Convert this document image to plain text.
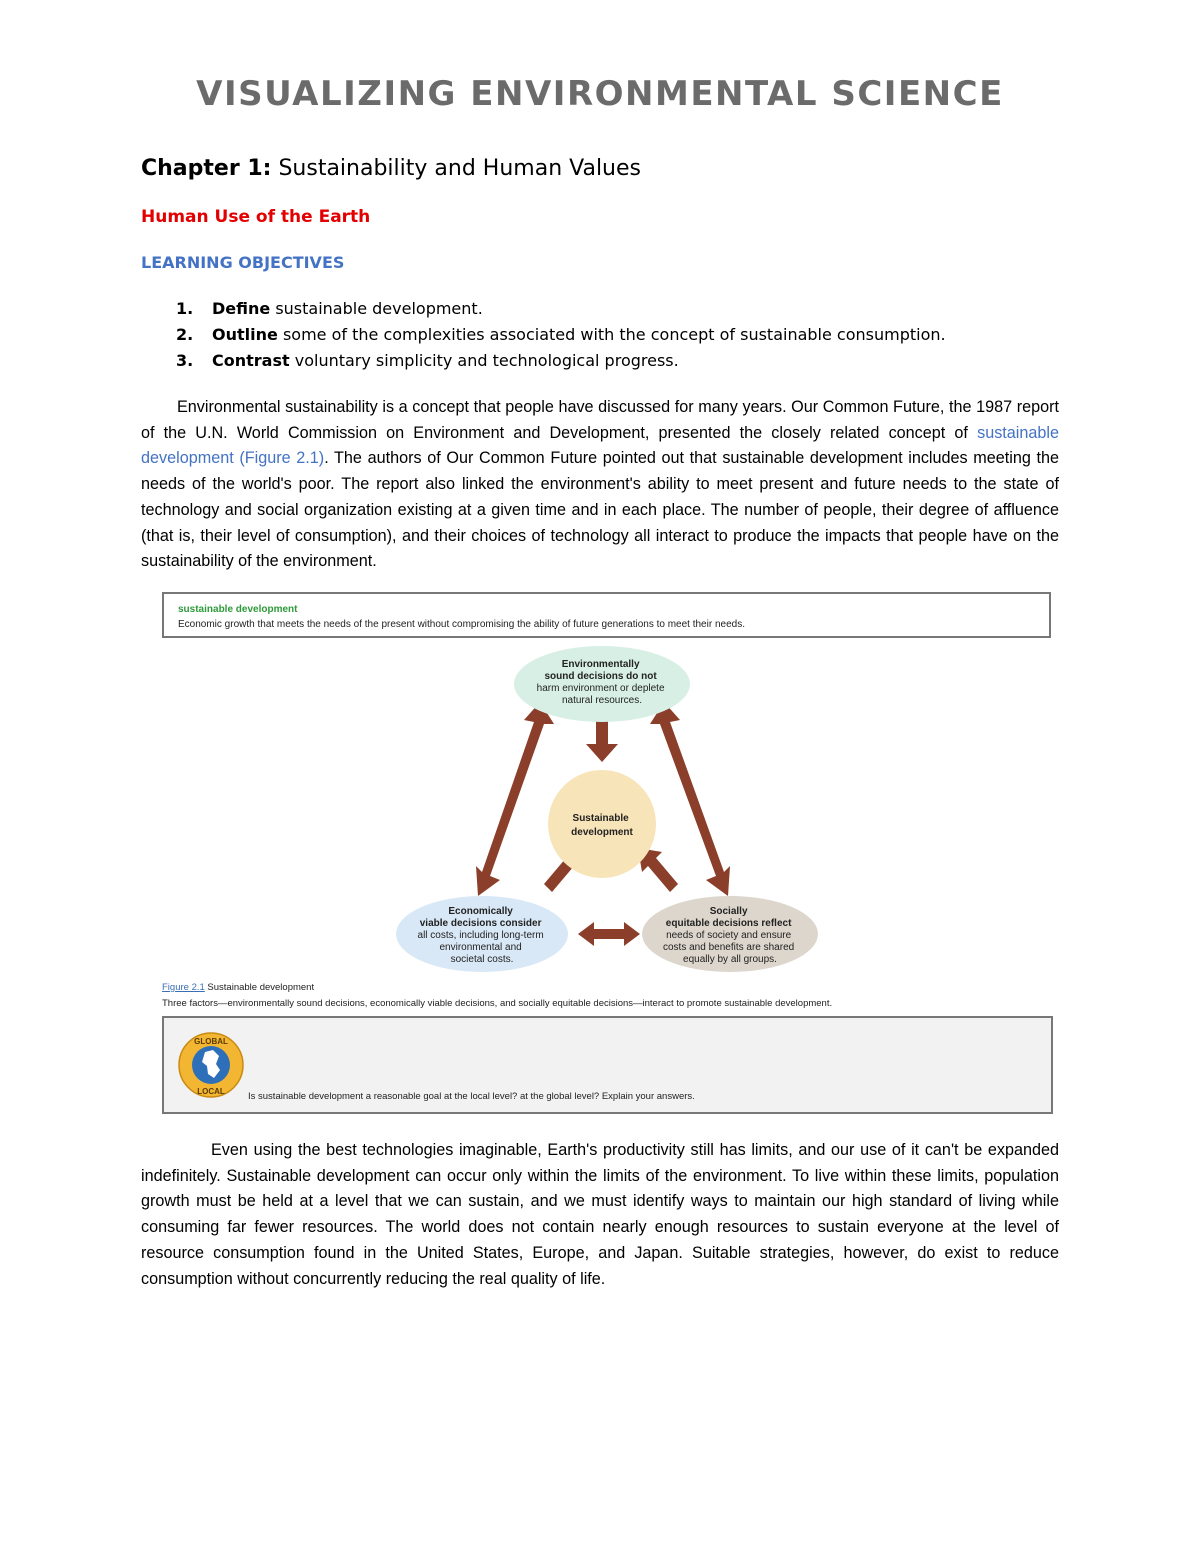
VISUALIZING ENVIRONMENTAL SCIENCE
Chapter 1: Sustainability and Human Values
Human Use of the Earth
LEARNING OBJECTIVES
1. Define sustainable development.
2. Outline some of the complexities associated with the concept of sustainable consumption.
3. Contrast voluntary simplicity and technological progress.

Environmental sustainability is a concept that people have discussed for many years. Our Common Future, the 1987 report of the U.N. World Commission on Environment and Development, presented the closely related concept of sustainable development (Figure 2.1). The authors of Our Common Future pointed out that sustainable development includes meeting the needs of the world's poor. The report also linked the environment's ability to meet present and future needs to the state of technology and social organization existing at a given time and in each place. The number of people, their degree of affluence (that is, their level of consumption), and their choices of technology all interact to produce the impacts that people have on the sustainability of the environment.

sustainable development
Economic growth that meets the needs of the present without compromising the ability of future generations to meet their needs.
Environmentally sound decisions do not harm environment or deplete natural resources.
Sustainable development
Economically viable decisions consider all costs, including long-term environmental and societal costs.
Socially equitable decisions reflect needs of society and ensure costs and benefits are shared equally by all groups.
Figure 2.1 Sustainable development
Three factors—environmentally sound decisions, economically viable decisions, and socially equitable decisions—interact to promote sustainable development.
GLOBAL
LOCAL Is sustainable development a reasonable goal at the local level? at the global level? Explain your answers.

Even using the best technologies imaginable, Earth's productivity still has limits, and our use of it can't be expanded indefinitely. Sustainable development can occur only within the limits of the environment. To live within these limits, population growth must be held at a level that we can sustain, and we must identify ways to maintain our high standard of living while consuming far fewer resources. The world does not contain nearly enough resources to sustain everyone at the level of resource consumption found in the United States, Europe, and Japan. Suitable strategies, however, do exist to reduce consumption without concurrently reducing the real quality of life.
